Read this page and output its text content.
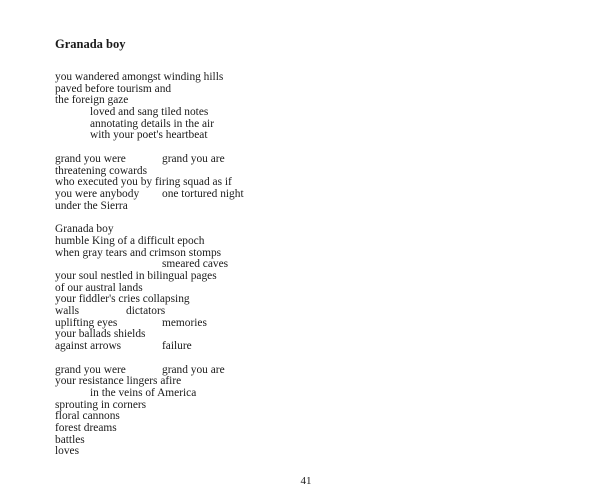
Granada boy
you wandered amongst winding hills
paved before tourism and
the foreign gaze
loved and sang tiled notes
annotating details in the air
with your poet's heartbeat
grand you were	grand you are
threatening cowards
who executed you by firing squad as if
you were anybody one tortured night
under the Sierra
Granada boy
humble King of a difficult epoch
when gray tears and crimson stomps
smeared caves
your soul nestled in bilingual pages
of our austral lands
your fiddler's cries collapsing
walls	dictators
uplifting eyes	memories
your ballads shields
against arrows	failure
grand you were	grand you are
your resistance lingers afire
in the veins of America
sprouting in corners
floral cannons
forest dreams
battles
loves
41
